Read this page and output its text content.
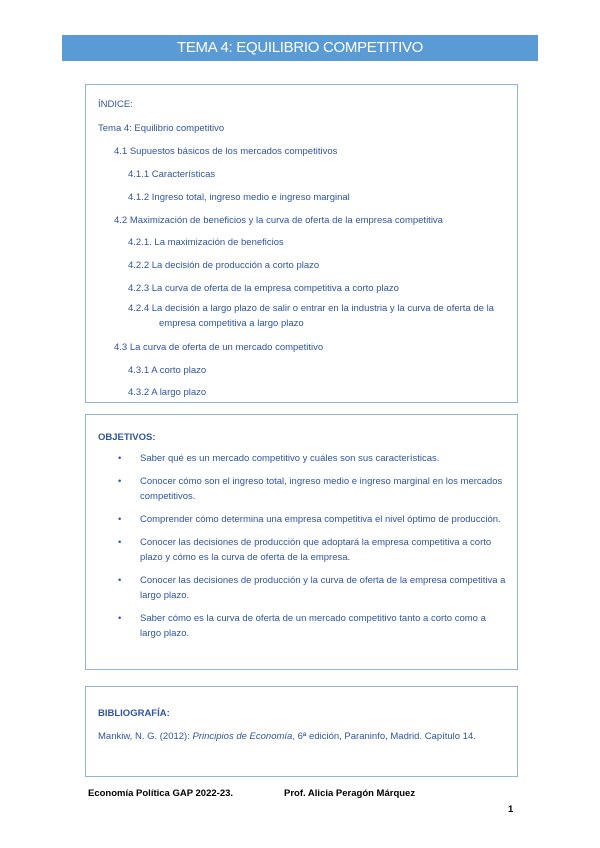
TEMA 4: EQUILIBRIO COMPETITIVO
ÍNDICE:
Tema 4: Equilibrio competitivo
4.1 Supuestos básicos de los mercados competitivos
4.1.1 Características
4.1.2 Ingreso total, ingreso medio e ingreso marginal
4.2 Maximización de beneficios y la curva de oferta de la empresa competitiva
4.2.1. La maximización de beneficios
4.2.2 La decisión de producción a corto plazo
4.2.3 La curva de oferta de la empresa competitiva a corto plazo
4.2.4 La decisión a largo plazo de salir o entrar en la industria y la curva de oferta de la empresa competitiva a largo plazo
4.3 La curva de oferta de un mercado competitivo
4.3.1 A corto plazo
4.3.2 A largo plazo
OBJETIVOS:
• Saber qué es un mercado competitivo y cuáles son sus características.
• Conocer cómo son el ingreso total, ingreso medio e ingreso marginal en los mercados competitivos.
• Comprender cómo determina una empresa competitiva el nivel óptimo de producción.
• Conocer las decisiones de producción que adoptará la empresa competitiva a corto plazo y cómo es la curva de oferta de la empresa.
• Conocer las decisiones de producción y la curva de oferta de la empresa competitiva a largo plazo.
• Saber cómo es la curva de oferta de un mercado competitivo tanto a corto como a largo plazo.
BIBLIOGRAFÍA:
Mankiw, N. G. (2012): Principios de Economía, 6ª edición, Paraninfo, Madrid. Capítulo 14.
Economía Política GAP 2022-23.	Prof. Alicia Peragón Márquez
1
